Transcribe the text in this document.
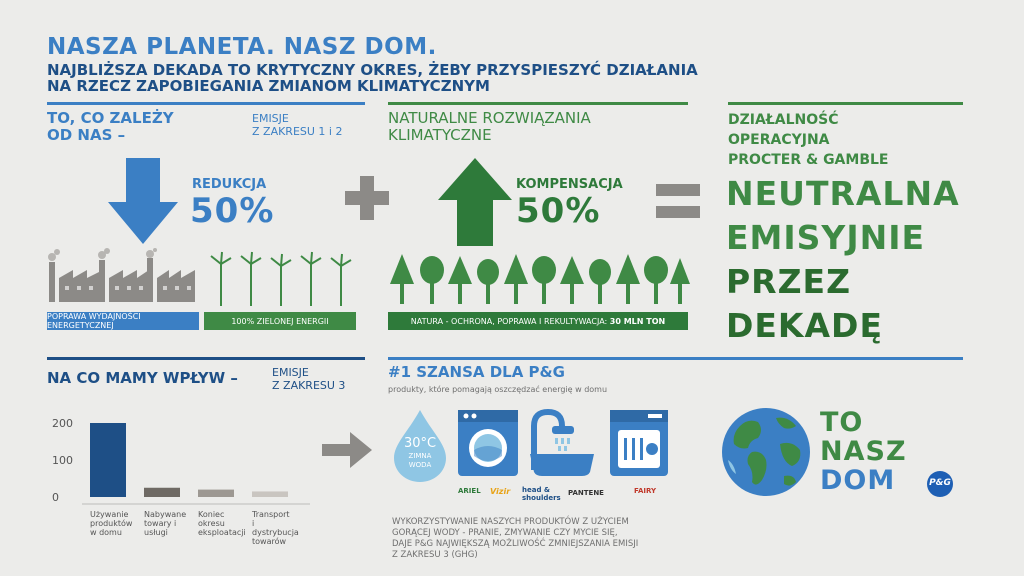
NASZA PLANETA. NASZ DOM.
NAJBLIŻSZA DEKADA TO KRYTYCZNY OKRES, ŻEBY PRZYSPIESZYĆ DZIAŁANIA
NA RZECZ ZAPOBIEGANIA ZMIANOM KLIMATYCZNYM
TO, CO ZALEŻY
OD NAS –
EMISJE
Z ZAKRESU 1 i 2
REDUKCJA
50%
POPRAWA WYDAJNOŚCI ENERGETYCZNEJ	100% ZIELONEJ ENERGII
NATURALNE ROZWIĄZANIA
KLIMATYCZNE
KOMPENSACJA
50%
NATURA - OCHRONA, POPRAWA I REKULTYWACJA:
30 MLN TON
DZIAŁALNOŚĆ
OPERACYJNA
PROCTER & GAMBLE
NEUTRALNA
EMISYJNIE
PRZEZ
DEKADĘ
NA CO MAMY WPŁYW –	EMISJE
Z ZAKRESU 3
0
100
200
Używanie
produktów
w domu
Nabywane
towary i
usługi
Koniec
okresu
eksploatacji
Transport
i
dystrybucja
towarów
#1 SZANSA DLA P&G
produkty, które pomagają oszczędzać energię w domu
30°C
ZIMNA
WODA
ARIEL Vizir head & shoulders
PANTENE	FAIRY
WYKORZYSTYWANIE NASZYCH PRODUKTÓW Z UŻYCIEM
GORĄCEJ WODY - PRANIE, ZMYWANIE CZY MYCIE SIĘ,
DAJE P&G NAJWIĘKSZĄ MOŻLIWOŚĆ ZMNIEJSZANIA EMISJI
Z ZAKRESU 3 (GHG)
TO
NASZ
DOM	P&G
